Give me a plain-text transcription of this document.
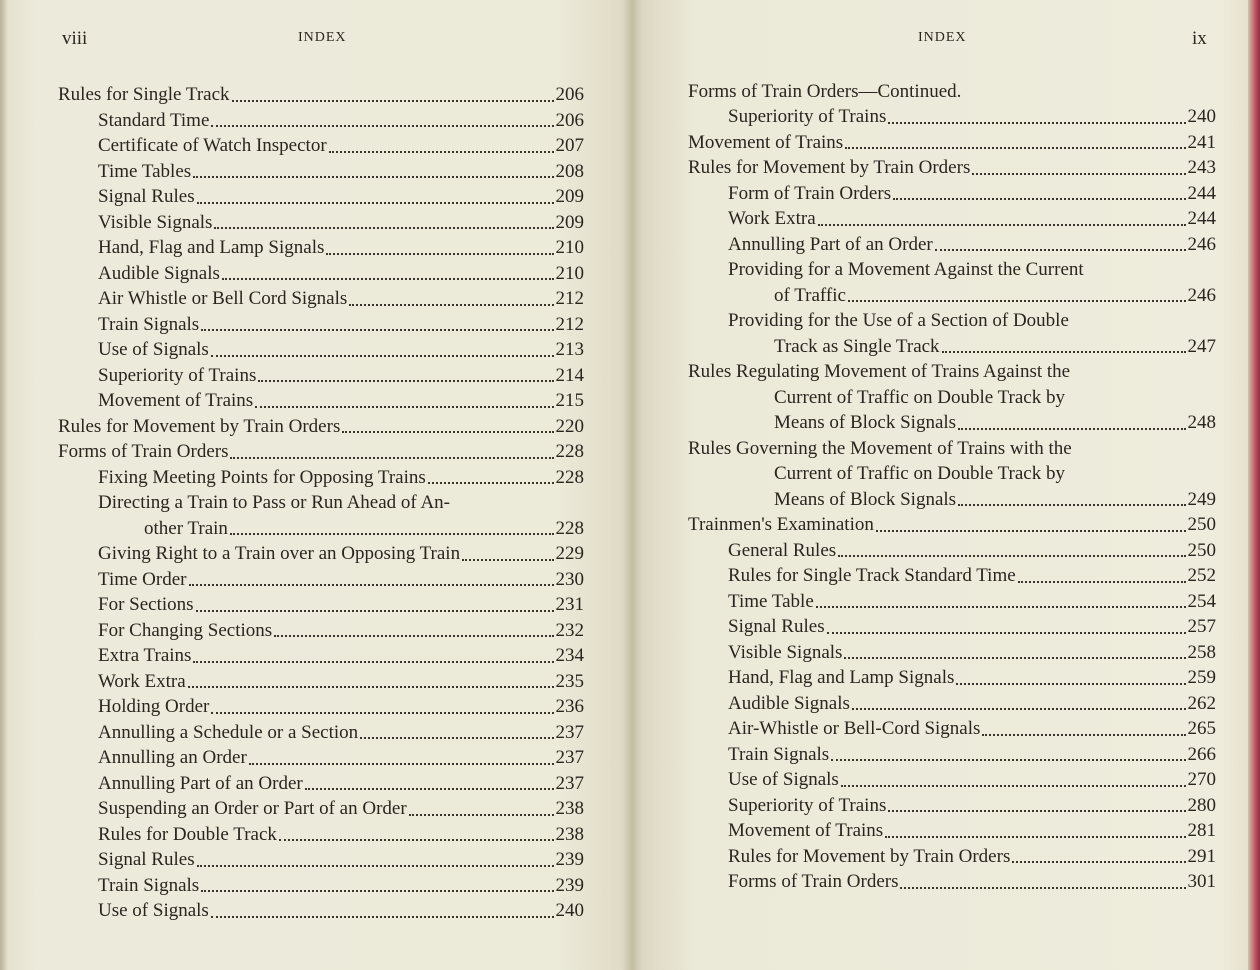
viii	INDEX
Rules for Single Track	206
Standard Time	206
Certificate of Watch Inspector	207
Time Tables	208
Signal Rules	209
Visible Signals	209
Hand, Flag and Lamp Signals	210
Audible Signals	210
Air Whistle or Bell Cord Signals	212
Train Signals	212
Use of Signals	213
Superiority of Trains	214
Movement of Trains	215
Rules for Movement by Train Orders	220
Forms of Train Orders	228
Fixing Meeting Points for Opposing Trains	228
Directing a Train to Pass or Run Ahead of An-
other Train	228
Giving Right to a Train over an Opposing Train	229
Time Order	230
For Sections	231
For Changing Sections	232
Extra Trains	234
Work Extra	235
Holding Order	236
Annulling a Schedule or a Section	237
Annulling an Order	237
Annulling Part of an Order	237
Suspending an Order or Part of an Order	238
Rules for Double Track	238
Signal Rules	239
Train Signals	239
Use of Signals	240
INDEX	ix
Forms of Train Orders—Continued.
Superiority of Trains	240
Movement of Trains	241
Rules for Movement by Train Orders	243
Form of Train Orders	244
Work Extra	244
Annulling Part of an Order	246
Providing for a Movement Against the Current
of Traffic	246
Providing for the Use of a Section of Double
Track as Single Track	247
Rules Regulating Movement of Trains Against the
Current of Traffic on Double Track by
Means of Block Signals	248
Rules Governing the Movement of Trains with the
Current of Traffic on Double Track by
Means of Block Signals	249
Trainmen's Examination	250
General Rules	250
Rules for Single Track Standard Time	252
Time Table	254
Signal Rules	257
Visible Signals	258
Hand, Flag and Lamp Signals	259
Audible Signals	262
Air-Whistle or Bell-Cord Signals	265
Train Signals	266
Use of Signals	270
Superiority of Trains	280
Movement of Trains	281
Rules for Movement by Train Orders	291
Forms of Train Orders	301
